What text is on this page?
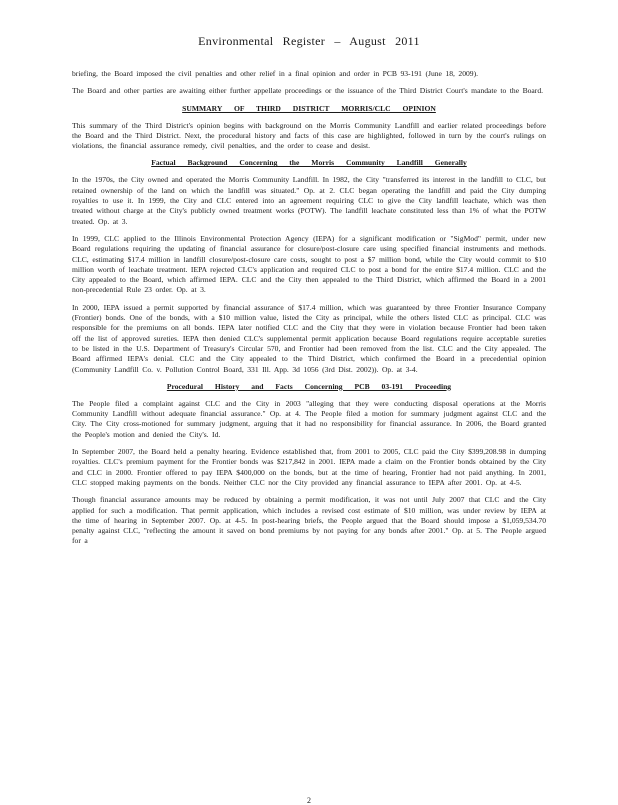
Environmental Register – August 2011

briefing, the Board imposed the civil penalties and other relief in a final opinion and order in PCB 93-191 (June 18, 2009).

The Board and other parties are awaiting either further appellate proceedings or the issuance of the Third District Court's mandate to the Board.

SUMMARY OF THIRD DISTRICT MORRIS/CLC OPINION

This summary of the Third District's opinion begins with background on the Morris Community Landfill and earlier related proceedings before the Board and the Third District. Next, the procedural history and facts of this case are highlighted, followed in turn by the court's rulings on violations, the financial assurance remedy, civil penalties, and the order to cease and desist.

Factual Background Concerning the Morris Community Landfill Generally

In the 1970s, the City owned and operated the Morris Community Landfill. In 1982, the City "transferred its interest in the landfill to CLC, but retained ownership of the land on which the landfill was situated." Op. at 2. CLC began operating the landfill and paid the City dumping royalties to use it. In 1999, the City and CLC entered into an agreement requiring CLC to give the City landfill leachate, which was then treated without charge at the City's publicly owned treatment works (POTW). The landfill leachate constituted less than 1% of what the POTW treated. Op. at 3.

In 1999, CLC applied to the Illinois Environmental Protection Agency (IEPA) for a significant modification or "SigMod" permit, under new Board regulations requiring the updating of financial assurance for closure/post-closure care using specified financial instruments and methods. CLC, estimating $17.4 million in landfill closure/post-closure care costs, sought to post a $7 million bond, while the City would commit to $10 million worth of leachate treatment. IEPA rejected CLC's application and required CLC to post a bond for the entire $17.4 million. CLC and the City appealed to the Board, which affirmed IEPA. CLC and the City then appealed to the Third District, which affirmed the Board in a 2001 non-precedential Rule 23 order. Op. at 3.

In 2000, IEPA issued a permit supported by financial assurance of $17.4 million, which was guaranteed by three Frontier Insurance Company (Frontier) bonds. One of the bonds, with a $10 million value, listed the City as principal, while the others listed CLC as principal. CLC was responsible for the premiums on all bonds. IEPA later notified CLC and the City that they were in violation because Frontier had been taken off the list of approved sureties. IEPA then denied CLC's supplemental permit application because Board regulations require acceptable sureties to be listed in the U.S. Department of Treasury's Circular 570, and Frontier had been removed from the list. CLC and the City appealed. The Board affirmed IEPA's denial. CLC and the City appealed to the Third District, which confirmed the Board in a precedential opinion (Community Landfill Co. v. Pollution Control Board, 331 Ill. App. 3d 1056 (3rd Dist. 2002)). Op. at 3-4.

Procedural History and Facts Concerning PCB 03-191 Proceeding

The People filed a complaint against CLC and the City in 2003 "alleging that they were conducting disposal operations at the Morris Community Landfill without adequate financial assurance." Op. at 4. The People filed a motion for summary judgment against CLC and the City. The City cross-motioned for summary judgment, arguing that it had no responsibility for financial assurance. In 2006, the Board granted the People's motion and denied the City's. Id.

In September 2007, the Board held a penalty hearing. Evidence established that, from 2001 to 2005, CLC paid the City $399,208.98 in dumping royalties. CLC's premium payment for the Frontier bonds was $217,842 in 2001. IEPA made a claim on the Frontier bonds obtained by the City and CLC in 2000. Frontier offered to pay IEPA $400,000 on the bonds, but at the time of hearing, Frontier had not paid anything. In 2001, CLC stopped making payments on the bonds. Neither CLC nor the City provided any financial assurance to IEPA after 2001. Op. at 4-5.

Though financial assurance amounts may be reduced by obtaining a permit modification, it was not until July 2007 that CLC and the City applied for such a modification. That permit application, which includes a revised cost estimate of $10 million, was under review by IEPA at the time of hearing in September 2007. Op. at 4-5. In post-hearing briefs, the People argued that the Board should impose a $1,059,534.70 penalty against CLC, "reflecting the amount it saved on bond premiums by not paying for any bonds after 2001." Op. at 5. The People argued for a

2
